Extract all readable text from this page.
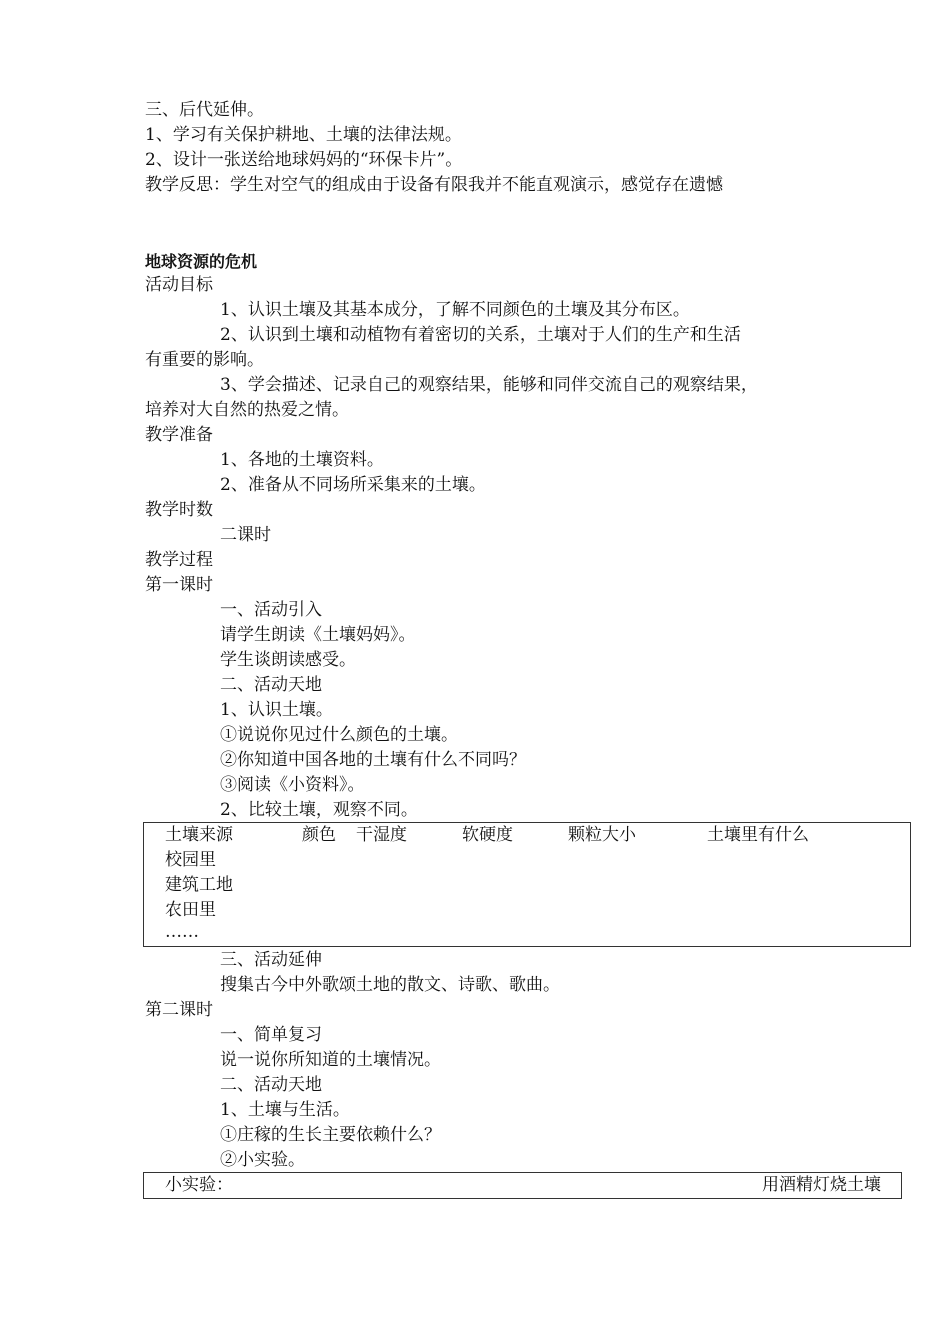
三、后代延伸。
1、学习有关保护耕地、土壤的法律法规。
2、设计一张送给地球妈妈的“环保卡片”。
教学反思：学生对空气的组成由于设备有限我并不能直观演示，感觉存在遗憾
地球资源的危机
活动目标
1、认识土壤及其基本成分，了解不同颜色的土壤及其分布区。
2、认识到土壤和动植物有着密切的关系，土壤对于人们的生产和生活
有重要的影响。
3、学会描述、记录自己的观察结果，能够和同伴交流自己的观察结果，
培养对大自然的热爱之情。
教学准备
1、各地的土壤资料。
2、准备从不同场所采集来的土壤。
教学时数
二课时
教学过程
第一课时
一、活动引入
请学生朗读《土壤妈妈》。
学生谈朗读感受。
二、活动天地
1、认识土壤。
①说说你见过什么颜色的土壤。
②你知道中国各地的土壤有什么不同吗？
③阅读《小资料》。
2、比较土壤，观察不同。
土壤来源	颜色 干湿度	软硬度	颗粒大小	土壤里有什么
校园里
建筑工地
农田里
……
三、活动延伸
搜集古今中外歌颂土地的散文、诗歌、歌曲。
第二课时
一、简单复习
说一说你所知道的土壤情况。
二、活动天地
1、土壤与生活。
①庄稼的生长主要依赖什么？
②小实验。
小实验：	用酒精灯烧土壤
